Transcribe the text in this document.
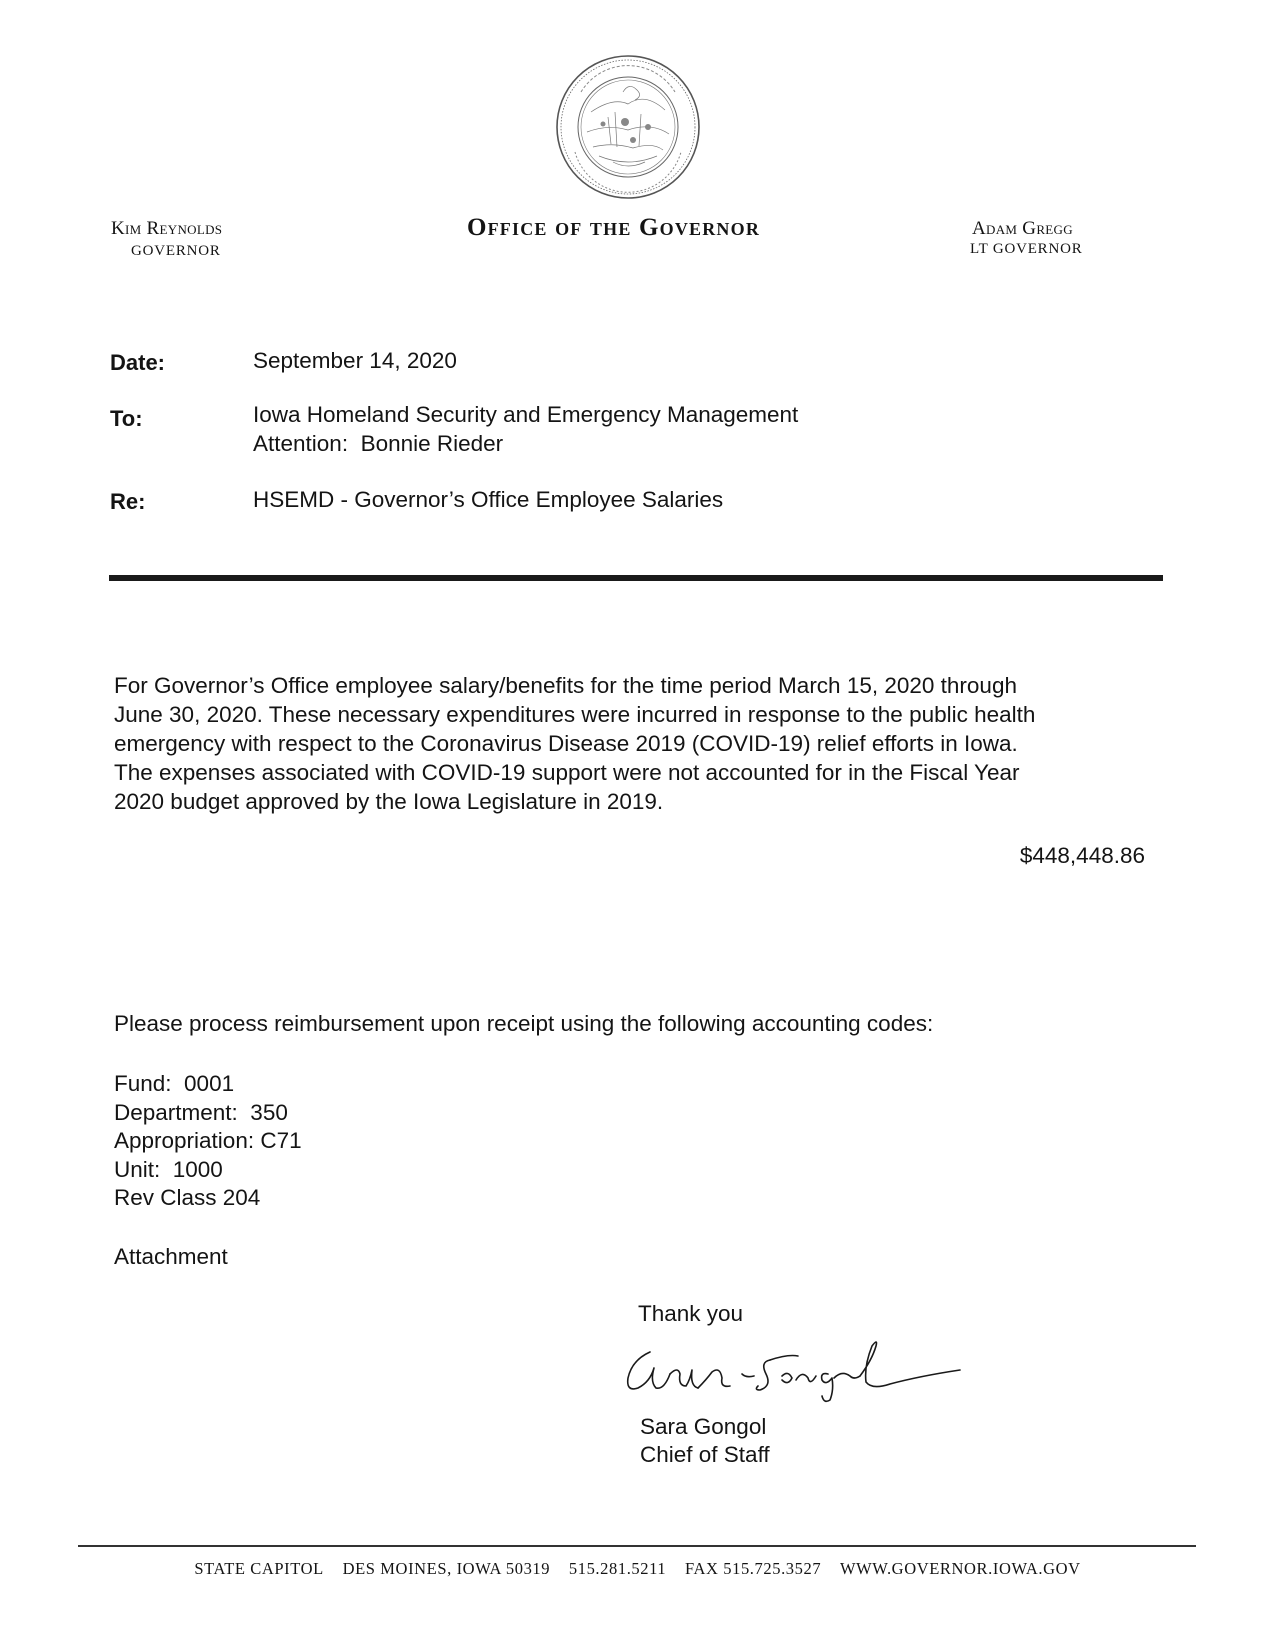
Kim Reynolds
GOVERNOR
Office of the Governor	Adam Gregg
LT GOVERNOR
Date:	September 14, 2020
To:	Iowa Homeland Security and Emergency Management
Attention:  Bonnie Rieder
Re:	HSEMD - Governor’s Office Employee Salaries
For Governor’s Office employee salary/benefits for the time period March 15, 2020 through
June 30, 2020. These necessary expenditures were incurred in response to the public health
emergency with respect to the Coronavirus Disease 2019 (COVID-19) relief efforts in Iowa.
The expenses associated with COVID-19 support were not accounted for in the Fiscal Year
2020 budget approved by the Iowa Legislature in 2019.
$448,448.86
Please process reimbursement upon receipt using the following accounting codes:
Fund:  0001
Department:  350
Appropriation: C71
Unit:  1000
Rev Class 204
Attachment
Thank you
Sara Gongol
Chief of Staff
STATE CAPITOL DES MOINES, IOWA 50319 515.281.5211 FAX 515.725.3527 WWW.GOVERNOR.IOWA.GOV
